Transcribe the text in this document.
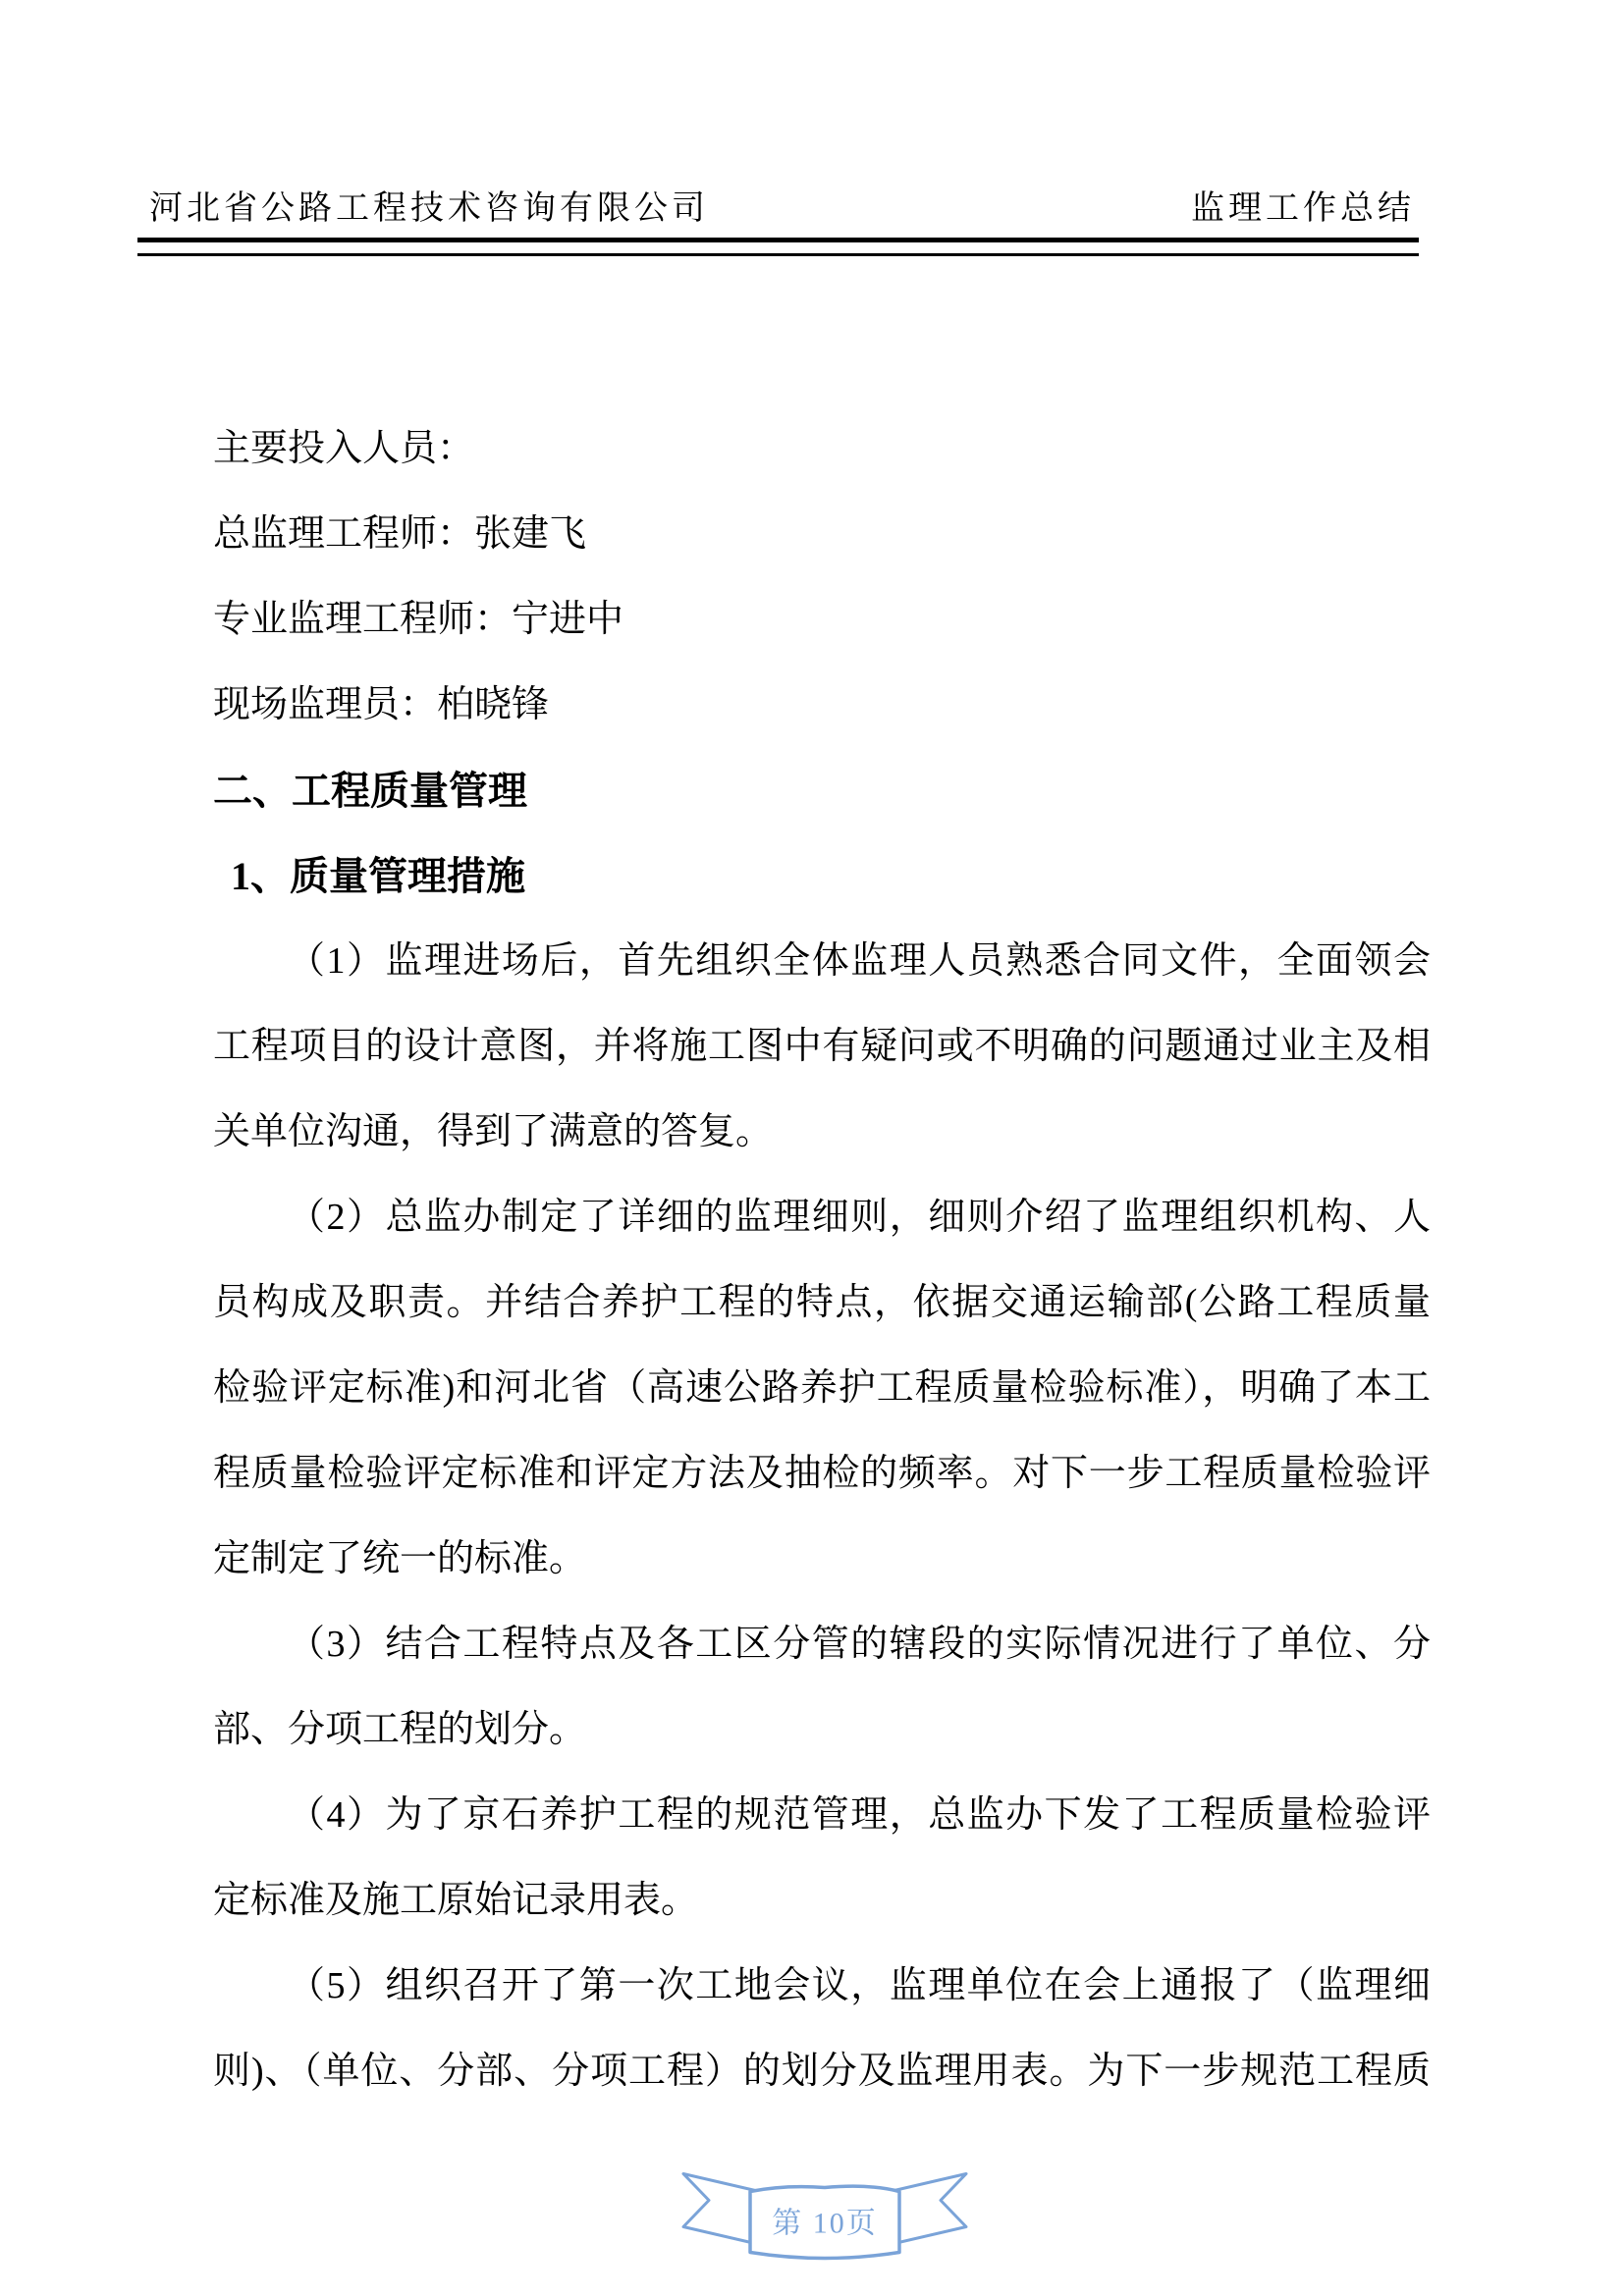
河北省公路工程技术咨询有限公司	监理工作总结
主要投入人员：
总监理工程师：张建飞
专业监理工程师：宁进中
现场监理员：柏晓锋
二、工程质量管理
1、质量管理措施
（1）监理进场后，首先组织全体监理人员熟悉合同文件，全面领会
工程项目的设计意图，并将施工图中有疑问或不明确的问题通过业主及相
关单位沟通，得到了满意的答复。
（2）总监办制定了详细的监理细则，细则介绍了监理组织机构、人
员构成及职责。并结合养护工程的特点，依据交通运输部(公路工程质量
检验评定标准)和河北省（高速公路养护工程质量检验标准），明确了本工
程质量检验评定标准和评定方法及抽检的频率。对下一步工程质量检验评
定制定了统一的标准。
（3）结合工程特点及各工区分管的辖段的实际情况进行了单位、分
部、分项工程的划分。
（4）为了京石养护工程的规范管理，总监办下发了工程质量检验评
定标准及施工原始记录用表。
（5）组织召开了第一次工地会议，监理单位在会上通报了（监理细
则)、（单位、分部、分项工程）的划分及监理用表。为下一步规范工程质
第 10页
